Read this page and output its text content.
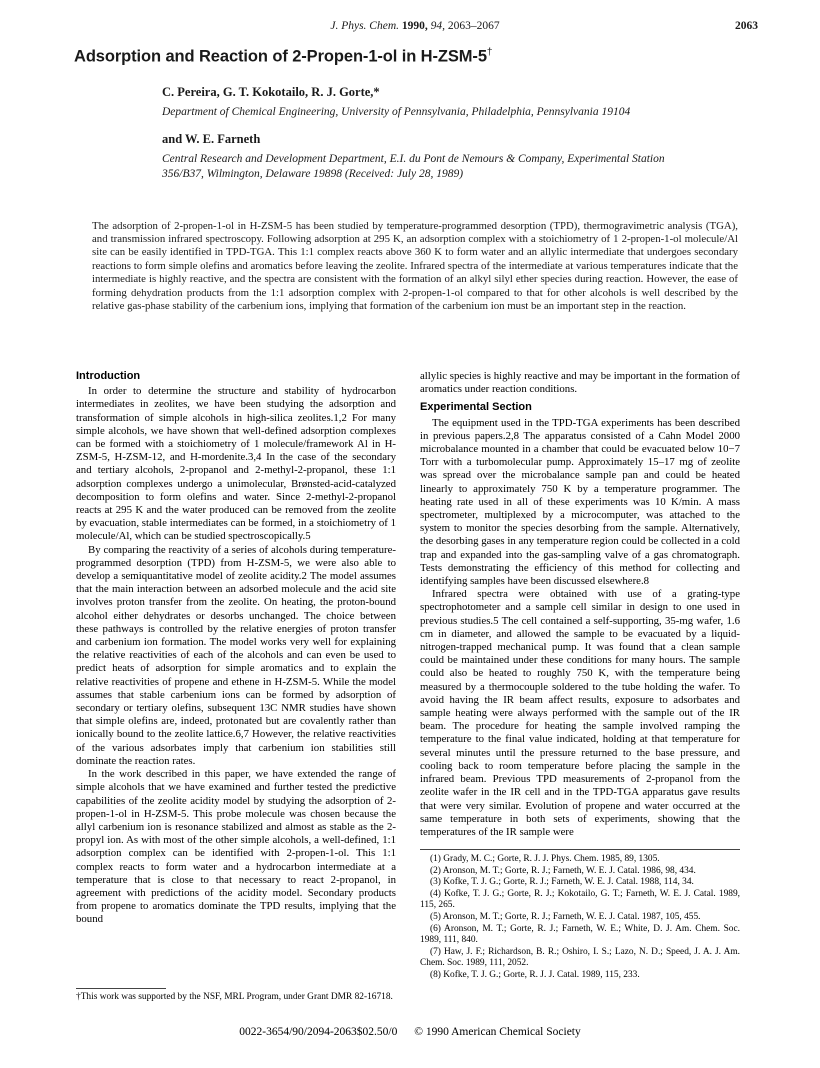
J. Phys. Chem. 1990, 94, 2063–2067	2063
Adsorption and Reaction of 2-Propen-1-ol in H-ZSM-5†
C. Pereira, G. T. Kokotailo, R. J. Gorte,*
Department of Chemical Engineering, University of Pennsylvania, Philadelphia, Pennsylvania 19104
and W. E. Farneth
Central Research and Development Department, E.I. du Pont de Nemours & Company, Experimental Station
356/B37, Wilmington, Delaware 19898 (Received: July 28, 1989)
The adsorption of 2-propen-1-ol in H-ZSM-5 has been studied by temperature-programmed desorption (TPD), thermogravimetric analysis (TGA), and transmission infrared spectroscopy. Following adsorption at 295 K, an adsorption complex with a stoichiometry of 1 2-propen-1-ol molecule/Al site can be easily identified in TPD-TGA. This 1:1 complex reacts above 360 K to form water and an allylic intermediate that undergoes secondary reactions to form simple olefins and aromatics before leaving the zeolite. Infrared spectra of the intermediate at various temperatures indicate that the intermediate is highly reactive, and the spectra are consistent with the formation of an alkyl silyl ether species during reaction. However, the ease of forming dehydration products from the 1:1 adsorption complex with 2-propen-1-ol compared to that for other alcohols is well described by the relative gas-phase stability of the carbenium ions, implying that formation of the carbenium ion must be an important step in the reaction.
Introduction

In order to determine the structure and stability of hydrocarbon intermediates in zeolites, we have been studying the adsorption and transformation of simple alcohols in high-silica zeolites.1,2 For many simple alcohols, we have shown that well-defined adsorption complexes can be formed with a stoichiometry of 1 molecule/framework Al in H-ZSM-5, H-ZSM-12, and H-mordenite.3,4 In the case of the secondary and tertiary alcohols, 2-propanol and 2-methyl-2-propanol, these 1:1 adsorption complexes undergo a unimolecular, Brønsted-acid-catalyzed decomposition to form olefins and water. Since 2-methyl-2-propanol reacts at 295 K and the water produced can be removed from the zeolite by evacuation, stable intermediates can be formed, in a stoichiometry of 1 molecule/Al, which can be studied spectroscopically.5

By comparing the reactivity of a series of alcohols during temperature-programmed desorption (TPD) from H-ZSM-5, we were also able to develop a semiquantitative model of zeolite acidity.2 The model assumes that the main interaction between an adsorbed molecule and the acid site involves proton transfer from the zeolite. On heating, the proton-bound alcohol either dehydrates or desorbs unchanged. The choice between these pathways is controlled by the relative energies of proton transfer and carbenium ion formation. The model works very well for explaining the relative reactivities of each of the alcohols and can even be used to predict heats of adsorption for simple aromatics and to explain the relative reactivities of propene and ethene in H-ZSM-5. While the model assumes that stable carbenium ions can be formed by adsorption of secondary or tertiary olefins, subsequent 13C NMR studies have shown that simple olefins are, indeed, protonated but are covalently rather than ionically bound to the zeolite lattice.6,7 However, the relative reactivities of the various adsorbates imply that carbenium ion stabilities still dominate the reaction rates.

In the work described in this paper, we have extended the range of simple alcohols that we have examined and further tested the predictive capabilities of the zeolite acidity model by studying the adsorption of 2-propen-1-ol in H-ZSM-5. This probe molecule was chosen because the allyl carbenium ion is resonance stabilized and almost as stable as the 2-propyl ion. As with most of the other simple alcohols, a well-defined, 1:1 adsorption complex can be identified with 2-propen-1-ol. This 1:1 complex reacts to form water and a hydrocarbon intermediate at a temperature that is close to that necessary to react 2-propanol, in agreement with predictions of the acidity model. Secondary products from propene to aromatics dominate the TPD results, implying that the bound

allylic species is highly reactive and may be important in the formation of aromatics under reaction conditions.

Experimental Section

The equipment used in the TPD-TGA experiments has been described in previous papers.2,8 The apparatus consisted of a Cahn Model 2000 microbalance mounted in a chamber that could be evacuated below 10−7 Torr with a turbomolecular pump. Approximately 15–17 mg of zeolite was spread over the microbalance sample pan and could be heated linearly to approximately 750 K by a temperature programmer. The heating rate used in all of these experiments was 10 K/min. A mass spectrometer, multiplexed by a microcomputer, was attached to the system to monitor the species desorbing from the sample. Alternatively, the desorbing gases in any temperature region could be collected in a cold trap and expanded into the gas-sampling valve of a gas chromatograph. Tests demonstrating the efficiency of this method for collecting and identifying samples have been discussed elsewhere.8

Infrared spectra were obtained with use of a grating-type spectrophotometer and a sample cell similar in design to one used in previous studies.5 The cell contained a self-supporting, 35-mg wafer, 1.6 cm in diameter, and allowed the sample to be evacuated by a liquid-nitrogen-trapped mechanical pump. It was found that a clean sample could be maintained under these conditions for many hours. The sample could also be heated to roughly 750 K, with the temperature being measured by a thermocouple soldered to the tube holding the wafer. To avoid having the IR beam affect results, exposure to adsorbates and sample heating were always performed with the sample out of the IR beam. The procedure for heating the sample involved ramping the temperature to the final value indicated, holding at that temperature for several minutes until the pressure returned to the base pressure, and cooling back to room temperature before placing the sample in the infrared beam. Previous TPD measurements of 2-propanol from the zeolite wafer in the IR cell and in the TPD-TGA apparatus gave results that were very similar. Evolution of propene and water occurred at the same temperature in both sets of experiments, showing that the temperatures of the IR sample were

(1) Grady, M. C.; Gorte, R. J. J. Phys. Chem. 1985, 89, 1305.
(2) Aronson, M. T.; Gorte, R. J.; Farneth, W. E. J. Catal. 1986, 98, 434.
(3) Kofke, T. J. G.; Gorte, R. J.; Farneth, W. E. J. Catal. 1988, 114, 34.
(4) Kofke, T. J. G.; Gorte, R. J.; Kokotailo, G. T.; Farneth, W. E. J. Catal. 1989, 115, 265.
(5) Aronson, M. T.; Gorte, R. J.; Farneth, W. E. J. Catal. 1987, 105, 455.
(6) Aronson, M. T.; Gorte, R. J.; Farneth, W. E.; White, D. J. Am. Chem. Soc. 1989, 111, 840.
(7) Haw, J. F.; Richardson, B. R.; Oshiro, I. S.; Lazo, N. D.; Speed, J. A. J. Am. Chem. Soc. 1989, 111, 2052.
(8) Kofke, T. J. G.; Gorte, R. J. J. Catal. 1989, 115, 233.
†This work was supported by the NSF, MRL Program, under Grant DMR 82-16718.
0022-3654/90/2094-2063$02.50/0 © 1990 American Chemical Society
